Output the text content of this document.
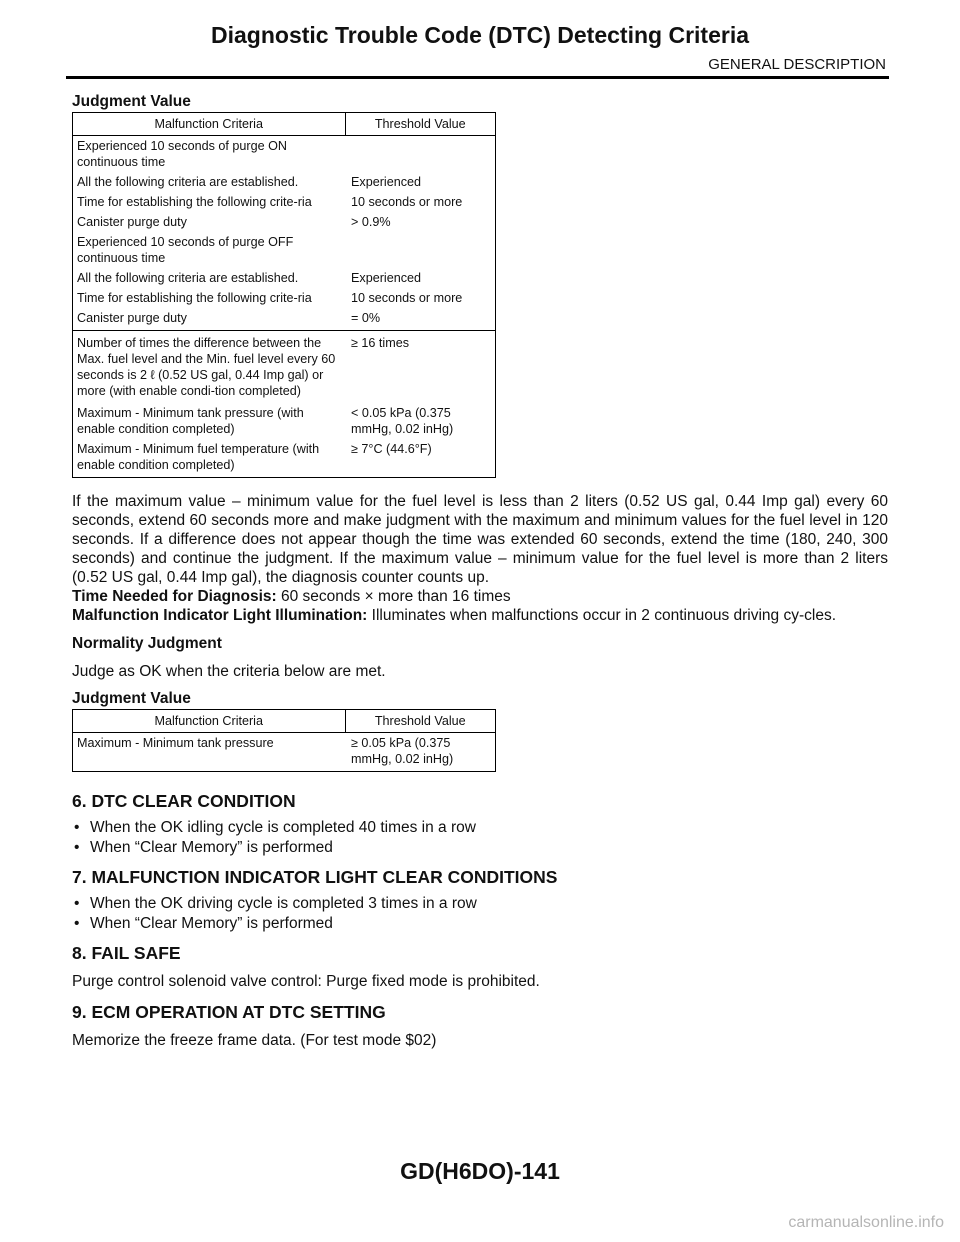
Diagnostic Trouble Code (DTC) Detecting Criteria
GENERAL DESCRIPTION
Judgment Value
Malfunction Criteria	Threshold Value
Experienced 10 seconds of purge ON continuous time	
All the following criteria are established.	Experienced
Time for establishing the following crite-ria	10 seconds or more
Canister purge duty	> 0.9%
Experienced 10 seconds of purge OFF continuous time	
All the following criteria are established.	Experienced
Time for establishing the following crite-ria	10 seconds or more
Canister purge duty	= 0%
Number of times the difference between the Max. fuel level and the Min. fuel level every 60 seconds is 2 ℓ (0.52 US gal, 0.44 Imp gal) or more (with enable condi-tion completed)	≥ 16 times
Maximum - Minimum tank pressure (with enable condition completed)	< 0.05 kPa (0.375 mmHg, 0.02 inHg)
Maximum - Minimum fuel temperature (with enable condition completed)	≥ 7°C (44.6°F)

If the maximum value – minimum value for the fuel level is less than 2 liters (0.52 US gal, 0.44 Imp gal) every 60 seconds, extend 60 seconds more and make judgment with the maximum and minimum values for the fuel level in 120 seconds. If a difference does not appear though the time was extended 60 seconds, extend the time (180, 240, 300 seconds) and continue the judgment. If the maximum value – minimum value for the fuel level is more than 2 liters (0.52 US gal, 0.44 Imp gal), the diagnosis counter counts up.

Time Needed for Diagnosis: 60 seconds × more than 16 times
Malfunction Indicator Light Illumination: Illuminates when malfunctions occur in 2 continuous driving cy-cles.
Normality Judgment

Judge as OK when the criteria below are met.

Judgment Value
Malfunction Criteria	Threshold Value
Maximum - Minimum tank pressure	≥ 0.05 kPa (0.375 mmHg, 0.02 inHg)
6. DTC CLEAR CONDITION
• When the OK idling cycle is completed 40 times in a row
• When “Clear Memory” is performed
7. MALFUNCTION INDICATOR LIGHT CLEAR CONDITIONS
• When the OK driving cycle is completed 3 times in a row
• When “Clear Memory” is performed
8. FAIL SAFE

Purge control solenoid valve control: Purge fixed mode is prohibited.

9. ECM OPERATION AT DTC SETTING

Memorize the freeze frame data. (For test mode $02)

GD(H6DO)-141
carmanualsonline.info
